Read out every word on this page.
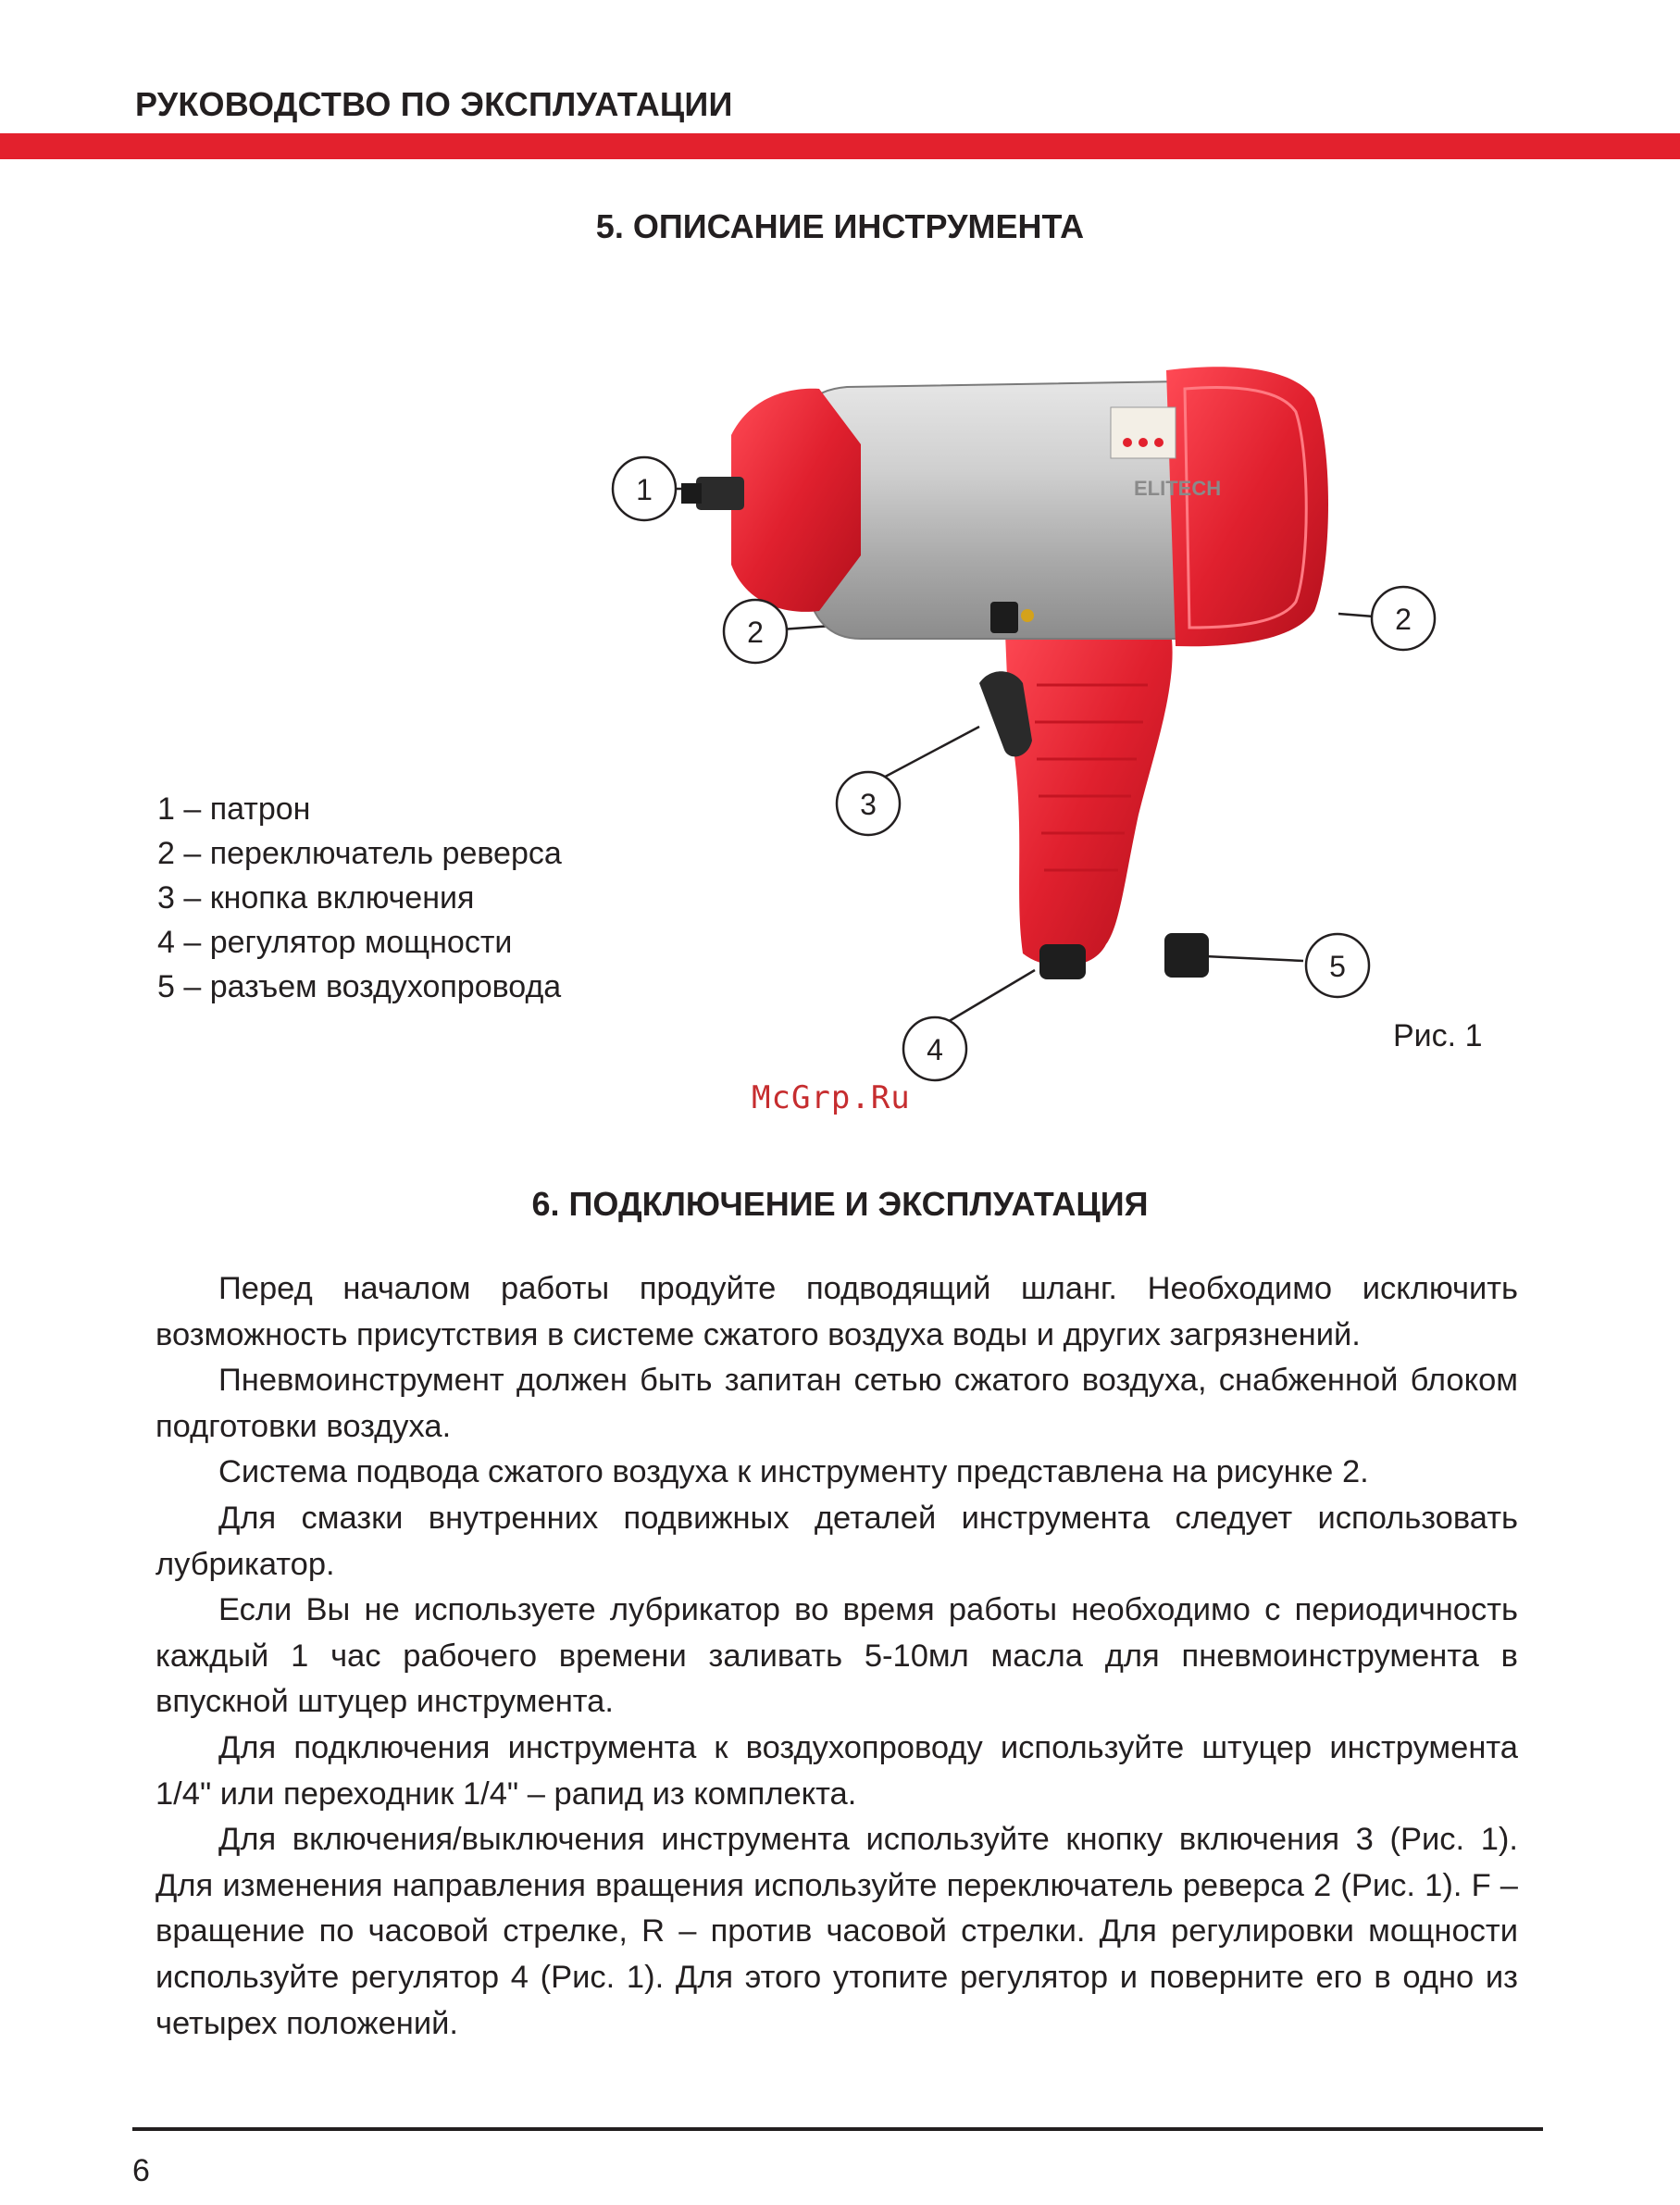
РУКОВОДСТВО ПО ЭКСПЛУАТАЦИИ
5. ОПИСАНИЕ ИНСТРУМЕНТА
ELITECH
1
2
3
4
5
2
1 – патрон
2 – переключатель реверса
3 – кнопка включения
4 – регулятор мощности
5 – разъем воздухопровода
Рис. 1
McGrp.Ru
6. ПОДКЛЮЧЕНИЕ И ЭКСПЛУАТАЦИЯ

Перед началом работы продуйте подводящий шланг. Необходимо исключить возможность присутствия в системе сжатого воздуха воды и других загрязнений.

Пневмоинструмент должен быть запитан сетью сжатого воздуха, снабженной блоком подготовки воздуха.

Система подвода сжатого воздуха к инструменту представлена на рисунке 2.

Для смазки внутренних подвижных деталей инструмента следует использовать лубрикатор.

Если Вы не используете лубрикатор во время работы необходимо с периодичность каждый 1 час рабочего времени заливать 5-10мл масла для пневмоинструмента в впускной штуцер инструмента.

Для подключения инструмента к воздухопроводу используйте штуцер инструмента 1/4" или переходник 1/4" – рапид из комплекта.

Для включения/выключения инструмента используйте кнопку включения 3 (Рис. 1). Для изменения направления вращения используйте переключатель реверса 2 (Рис. 1). F – вращение по часовой стрелке, R – против часовой стрелки. Для регулировки мощности используйте регулятор 4 (Рис. 1). Для этого утопите регулятор и поверните его в одно из четырех положений.

6
